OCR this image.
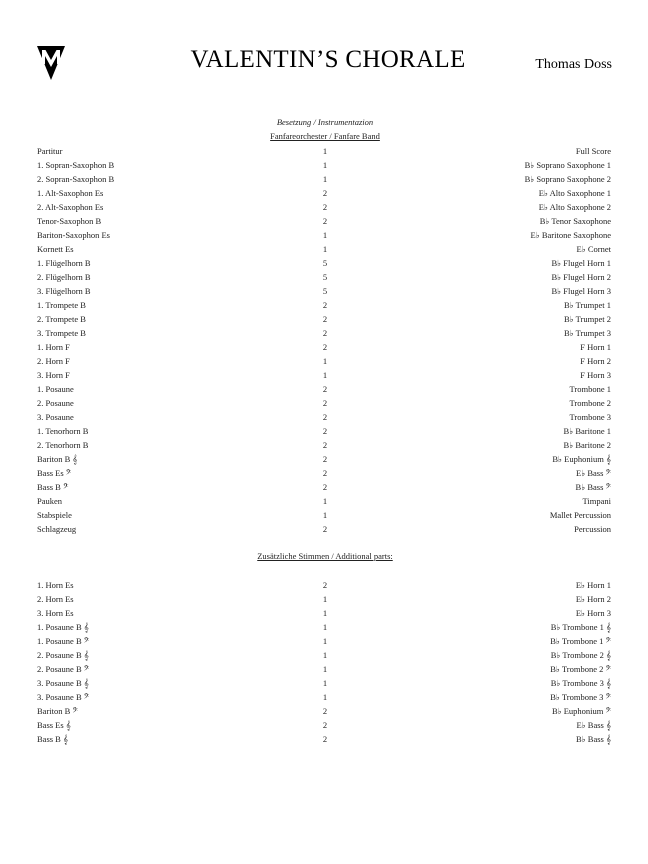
VALENTIN’S CHORALE	Thomas Doss
Besetzung / Instrumentazion
Fanfareorchester / Fanfare Band
Partitur	1	Full Score
1. Sopran-Saxophon B	1	B♭ Soprano Saxophone 1
2. Sopran-Saxophon B	1	B♭ Soprano Saxophone 2
1. Alt-Saxophon Es	2	E♭ Alto Saxophone 1
2. Alt-Saxophon Es	2	E♭ Alto Saxophone 2
Tenor-Saxophon B	2	B♭ Tenor Saxophone
Bariton-Saxophon Es	1	E♭ Baritone Saxophone
Kornett Es	1	E♭ Cornet
1. Flügelhorn B	5	B♭ Flugel Horn 1
2. Flügelhorn B	5	B♭ Flugel Horn 2
3. Flügelhorn B	5	B♭ Flugel Horn 3
1. Trompete B	2	B♭ Trumpet 1
2. Trompete B	2	B♭ Trumpet 2
3. Trompete B	2	B♭ Trumpet 3
1. Horn F	2	F Horn 1
2. Horn F	1	F Horn 2
3. Horn F	1	F Horn 3
1. Posaune	2	Trombone 1
2. Posaune	2	Trombone 2
3. Posaune	2	Trombone 3
1. Tenorhorn B	2	B♭ Baritone 1
2. Tenorhorn B	2	B♭ Baritone 2
Bariton B 𝄞	2	B♭ Euphonium 𝄞
Bass Es 𝄢	2	E♭ Bass 𝄢
Bass B 𝄢	2	B♭ Bass 𝄢
Pauken	1	Timpani
Stabspiele	1	Mallet Percussion
Schlagzeug	2	Percussion
Zusätzliche Stimmen / Additional parts:
1. Horn Es	2	E♭ Horn 1
2. Horn Es	1	E♭ Horn 2
3. Horn Es	1	E♭ Horn 3
1. Posaune B 𝄞	1	B♭ Trombone 1 𝄞
1. Posaune B 𝄢	1	B♭ Trombone 1 𝄢
2. Posaune B 𝄞	1	B♭ Trombone 2 𝄞
2. Posaune B 𝄢	1	B♭ Trombone 2 𝄢
3. Posaune B 𝄞	1	B♭ Trombone 3 𝄞
3. Posaune B 𝄢	1	B♭ Trombone 3 𝄢
Bariton B 𝄢	2	B♭ Euphonium 𝄢
Bass Es 𝄞	2	E♭ Bass 𝄞
Bass B 𝄞	2	B♭ Bass 𝄞
